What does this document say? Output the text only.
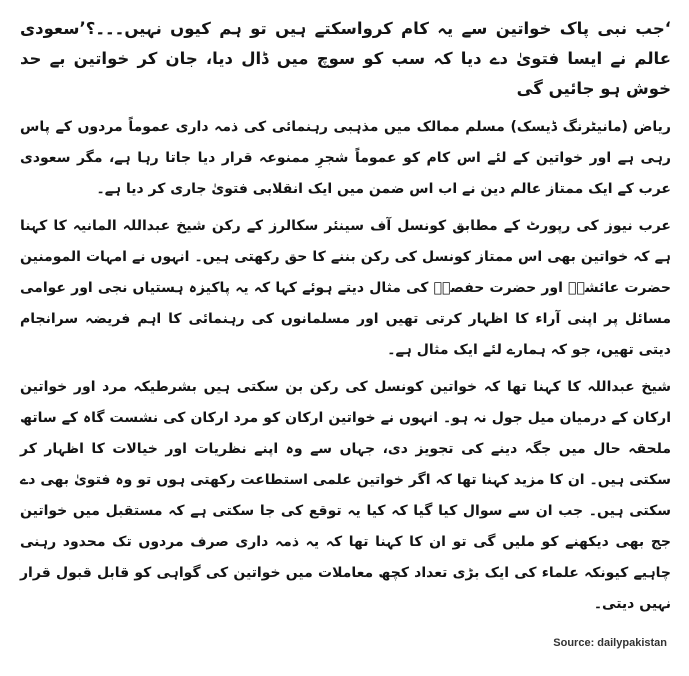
‘جب نبی پاک خواتین سے یہ کام کرواسکتے ہیں تو ہم کیوں نہیں۔۔۔؟’سعودی عالم نے ایسا فتویٰ دے دیا کہ سب کو سوچ میں ڈال دیا، جان کر خواتین بے حد خوش ہو جائیں گی
ریاض (مانیٹرنگ ڈیسک) مسلم ممالک میں مذہبی رہنمائی کی ذمہ داری عموماً مردوں کے پاس رہی ہے اور خواتین کے لئے اس کام کو عموماً شجرِ ممنوعہ قرار دیا جاتا رہا ہے، مگر سعودی عرب کے ایک ممتاز عالم دین نے اب اس ضمن میں ایک انقلابی فتویٰ جاری کر دیا ہے۔
عرب نیوز کی رپورٹ کے مطابق کونسل آف سینئر سکالرز کے رکن شیخ عبداللہ المانیہ کا کہنا ہے کہ خواتین بھی اس ممتاز کونسل کی رکن بننے کا حق رکھتی ہیں۔ انہوں نے امہات المومنین حضرت عائشہؓ اور حضرت حفصہؓ کی مثال دیتے ہوئے کہا کہ یہ پاکیزہ ہستیاں نجی اور عوامی مسائل پر اپنی آراء کا اظہار کرتی تھیں اور مسلمانوں کی رہنمائی کا اہم فریضہ سرانجام دیتی تھیں، جو کہ ہمارے لئے ایک مثال ہے۔
شیخ عبداللہ کا کہنا تھا کہ خواتین کونسل کی رکن بن سکتی ہیں بشرطیکہ مرد اور خواتین ارکان کے درمیان میل جول نہ ہو۔ انہوں نے خواتین ارکان کو مرد ارکان کی نشست گاہ کے ساتھ ملحقہ حال میں جگہ دینے کی تجویز دی، جہاں سے وہ اپنے نظریات اور خیالات کا اظہار کر سکتی ہیں۔ ان کا مزید کہنا تھا کہ اگر خواتین علمی استطاعت رکھتی ہوں تو وہ فتویٰ بھی دے سکتی ہیں۔ جب ان سے سوال کیا گیا کہ کیا یہ توقع کی جا سکتی ہے کہ مستقبل میں خواتین جج بھی دیکھنے کو ملیں گی تو ان کا کہنا تھا کہ یہ ذمہ داری صرف مردوں تک محدود رہنی چاہیے کیونکہ علماء کی ایک بڑی تعداد کچھ معاملات میں خواتین کی گواہی کو قابل قبول قرار نہیں دیتی۔
Source: dailypakistan
